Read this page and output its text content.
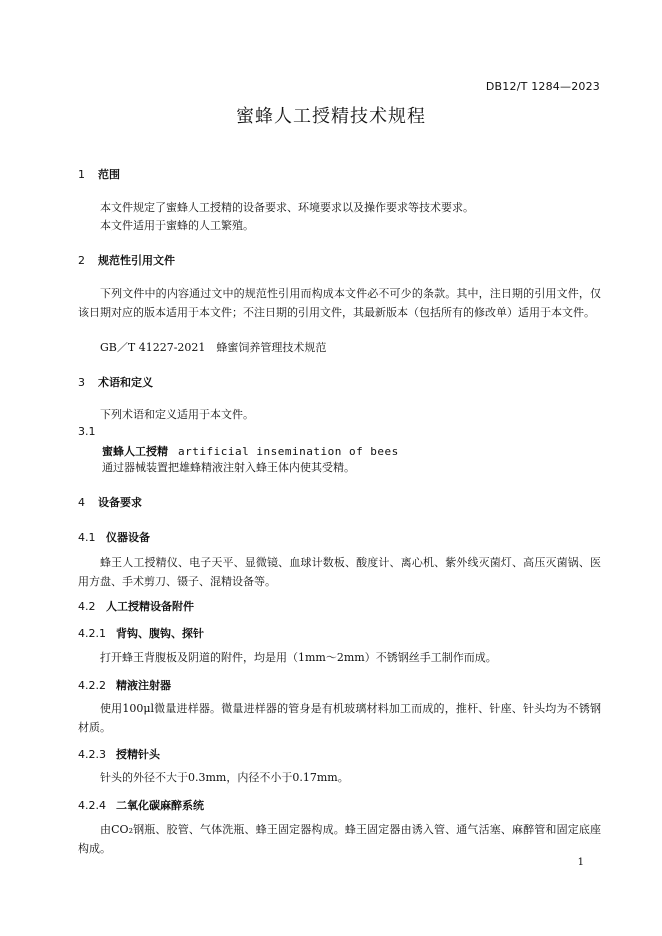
DB12/T 1284—2023
蜜蜂人工授精技术规程
1 范围
本文件规定了蜜蜂人工授精的设备要求、环境要求以及操作要求等技术要求。
本文件适用于蜜蜂的人工繁殖。
2 规范性引用文件
下列文件中的内容通过文中的规范性引用而构成本文件必不可少的条款。其中，注日期的引用文件，仅该日期对应的版本适用于本文件；不注日期的引用文件，其最新版本（包括所有的修改单）适用于本文件。
GB／T 41227-2021　蜂蜜饲养管理技术规范
3 术语和定义
下列术语和定义适用于本文件。
3.1
蜜蜂人工授精 artificial insemination of bees
通过器械装置把雄蜂精液注射入蜂王体内使其受精。
4 设备要求
4.1 仪器设备
蜂王人工授精仪、电子天平、显微镜、血球计数板、酸度计、离心机、紫外线灭菌灯、高压灭菌锅、医用方盘、手术剪刀、镊子、混精设备等。
4.2 人工授精设备附件
4.2.1 背钩、腹钩、探针
打开蜂王背腹板及阴道的附件，均是用（1mm～2mm）不锈钢丝手工制作而成。
4.2.2 精液注射器
使用100μl微量进样器。微量进样器的管身是有机玻璃材料加工而成的，推杆、针座、针头均为不锈钢材质。
4.2.3 授精针头
针头的外径不大于0.3mm，内径不小于0.17mm。
4.2.4 二氧化碳麻醉系统
由CO₂钢瓶、胶管、气体洗瓶、蜂王固定器构成。蜂王固定器由诱入管、通气活塞、麻醉管和固定底座构成。
1
